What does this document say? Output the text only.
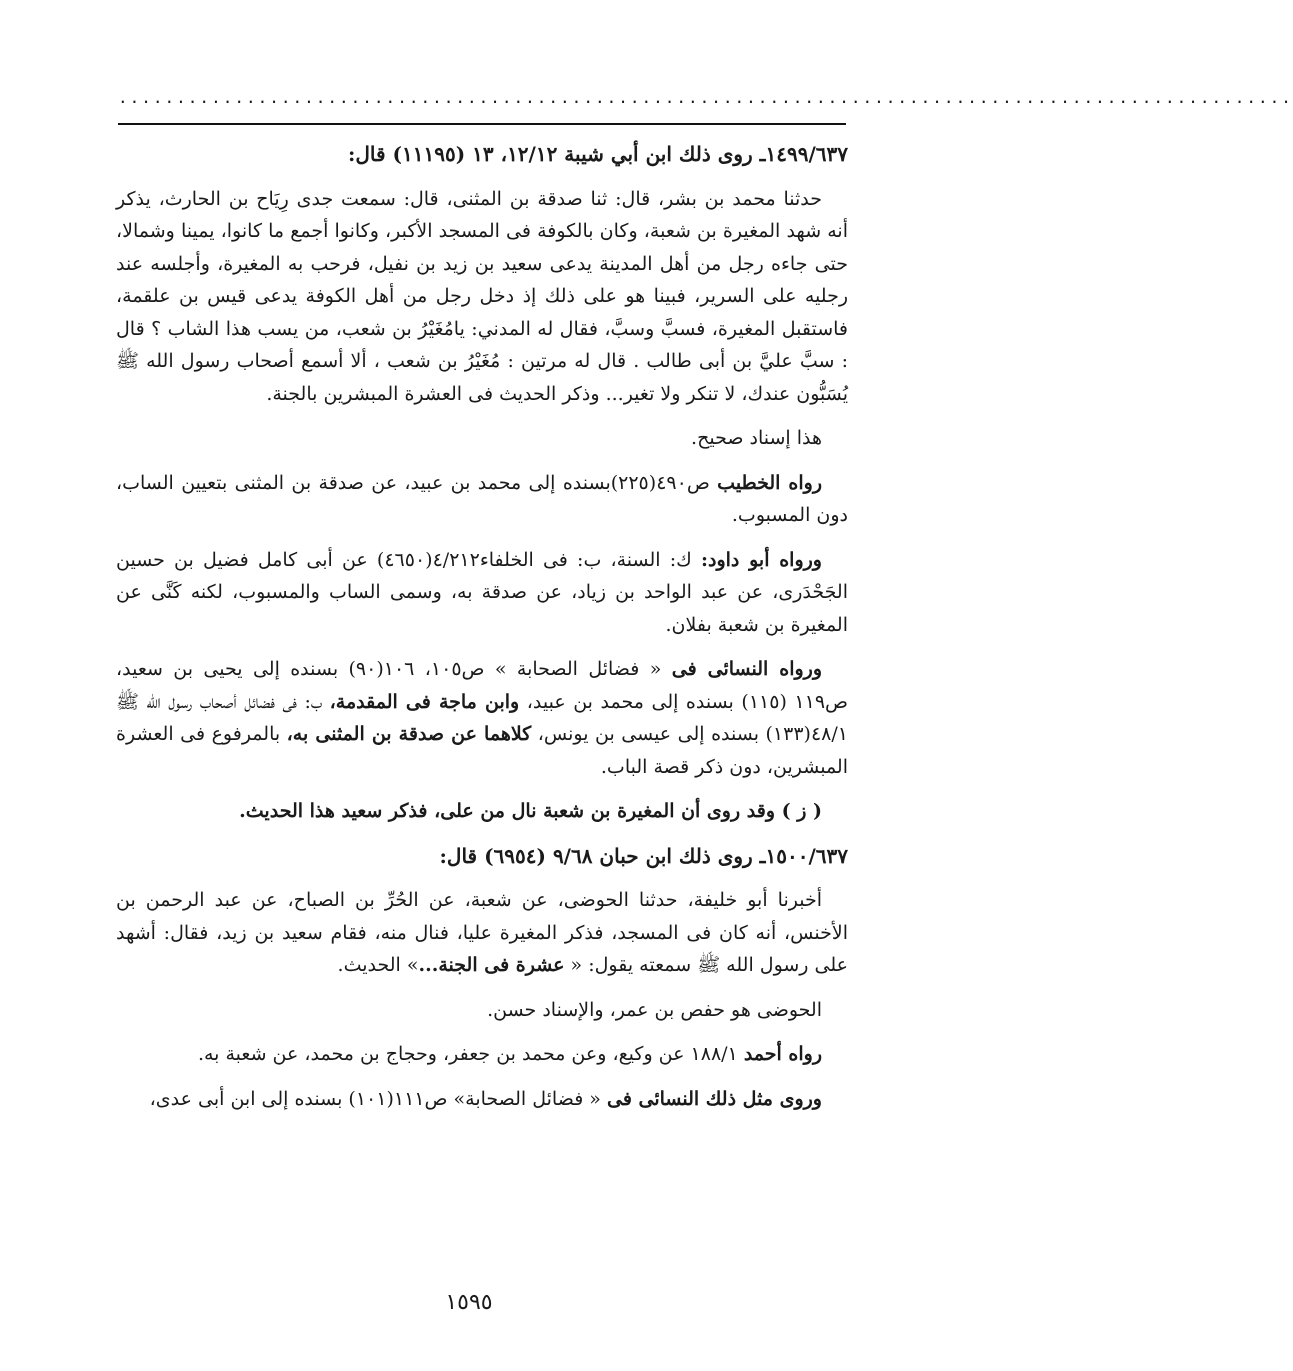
.....................................................................................................

١٤٩٩/٦٣٧ـ روى ذلك ابن أبي شيبة ١٢/١٢، ١٣ (١١١٩٥) قال:

حدثنا محمد بن بشر، قال: ثنا صدقة بن المثنى، قال: سمعت جدى رِيَاح بن الحارث، يذكر أنه شهد المغيرة بن شعبة، وكان بالكوفة فى المسجد الأكبر، وكانوا أجمع ما كانوا، يمينا وشمالا، حتى جاءه رجل من أهل المدينة يدعى سعيد بن زيد بن نفيل، فرحب به المغيرة، وأجلسه عند رجليه على السرير، فبينا هو على ذلك إذ دخل رجل من أهل الكوفة يدعى قيس بن علقمة، فاستقبل المغيرة، فسبَّ وسبَّ، فقال له المدني: يامُغَيْرُ بن شعب، من يسب هذا الشاب ؟ قال : سبَّ عليَّ بن أبى طالب . قال له مرتين : مُغَيْرُ بن شعب ، ألا أسمع أصحاب رسول الله ﷺ يُسَبُّون عندك، لا تنكر ولا تغير... وذكر الحديث فى العشرة المبشرين بالجنة.

هذا إسناد صحيح.

رواه الخطيب ص٤٩٠(٢٢٥)بسنده إلى محمد بن عبيد، عن صدقة بن المثنى بتعيين الساب، دون المسبوب.

ورواه أبو داود: ك: السنة، ب: فى الخلفاء٤/٢١٢(٤٦٥٠) عن أبى كامل فضيل بن حسين الجَحْدَرى، عن عبد الواحد بن زياد، عن صدقة به، وسمى الساب والمسبوب، لكنه كَنَّى عن المغيرة بن شعبة بفلان.

ورواه النسائى فى « فضائل الصحابة » ص١٠٥، ١٠٦(٩٠) بسنده إلى يحيى بن سعيد، ص١١٩ (١١٥) بسنده إلى محمد بن عبيد، وابن ماجة فى المقدمة، ب: فى فضائل أصحاب رسول الله ﷺ ٤٨/١(١٣٣) بسنده إلى عيسى بن يونس، كلاهما عن صدقة بن المثنى به، بالمرفوع فى العشرة المبشرين، دون ذكر قصة الباب.

( ز ) وقد روى أن المغيرة بن شعبة نال من على، فذكر سعيد هذا الحديث.

١٥٠٠/٦٣٧ـ روى ذلك ابن حبان ٩/٦٨ (٦٩٥٤) قال:

أخبرنا أبو خليفة، حدثنا الحوضى، عن شعبة، عن الحُرِّ بن الصباح، عن عبد الرحمن بن الأخنس، أنه كان فى المسجد، فذكر المغيرة عليا، فنال منه، فقام سعيد بن زيد، فقال: أشهد على رسول الله ﷺ سمعته يقول: « عشرة فى الجنة...» الحديث.

الحوضى هو حفص بن عمر، والإسناد حسن.

رواه أحمد ١٨٨/١ عن وكيع، وعن محمد بن جعفر، وحجاج بن محمد، عن شعبة به.

وروى مثل ذلك النسائى فى « فضائل الصحابة» ص١١١(١٠١) بسنده إلى ابن أبى عدى،

١٥٩٥
